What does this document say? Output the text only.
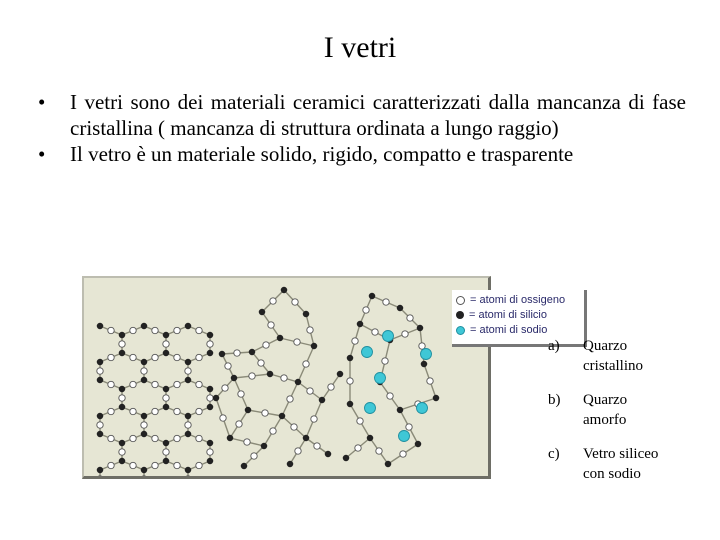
I vetri
• I vetri sono dei materiali ceramici caratterizzati dalla mancanza di fase cristallina ( mancanza di struttura ordinata a lungo raggio)
• Il vetro è un materiale solido, rigido, compatto e trasparente
= atomi di ossigeno
= atomi di silicio
= atomi di sodio
a) Quarzo
cristallino
b) Quarzo
amorfo
c) Vetro siliceo
con sodio
